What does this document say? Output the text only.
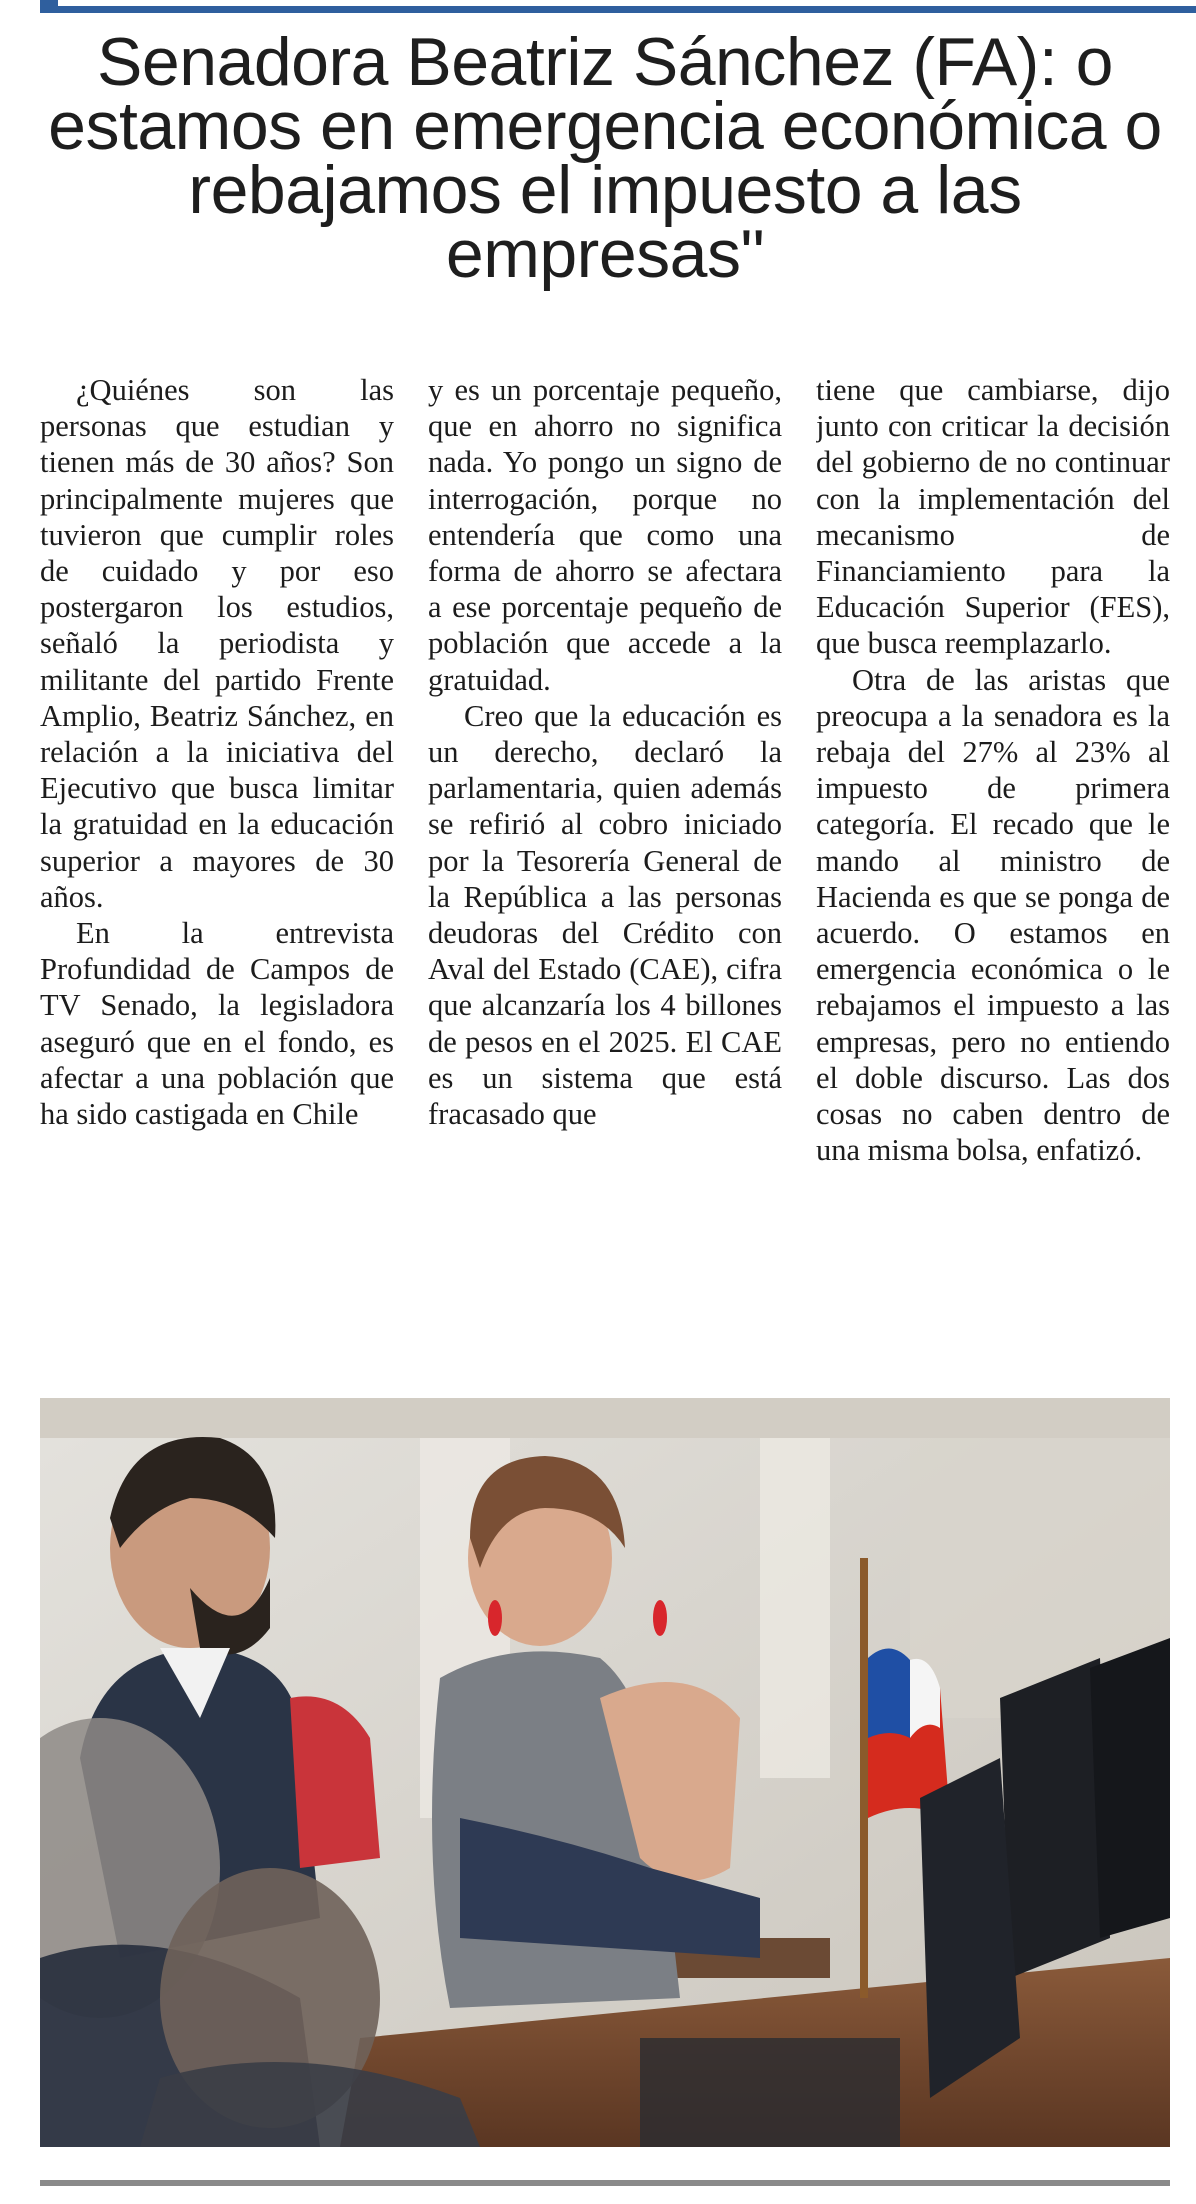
Senadora Beatriz Sánchez (FA): o estamos en emergencia económica o rebajamos el impuesto a las empresas"

¿Quiénes son las personas que estudian y tienen más de 30 años? Son principalmente mujeres que tuvieron que cumplir roles de cuidado y por eso postergaron los estudios, señaló la periodista y militante del partido Frente Amplio, Beatriz Sánchez, en relación a la iniciativa del Ejecutivo que busca limitar la gratuidad en la educación superior a mayores de 30 años.

En la entrevista Profundidad de Campos de TV Senado, la legisladora aseguró que en el fondo, es afectar a una población que ha sido castigada en Chile

y es un porcentaje pequeño, que en ahorro no significa nada. Yo pongo un signo de interrogación, porque no entendería que como una forma de ahorro se afectara a ese porcentaje pequeño de población que accede a la gratuidad.

Creo que la educación es un derecho, declaró la parlamentaria, quien además se refirió al cobro iniciado por la Tesorería General de la República a las personas deudoras del Crédito con Aval del Estado (CAE), cifra que alcanzaría los 4 billones de pesos en el 2025. El CAE es un sistema que está fracasado que

tiene que cambiarse, dijo junto con criticar la decisión del gobierno de no continuar con la implementación del mecanismo de Financiamiento para la Educación Superior (FES), que busca reemplazarlo.

Otra de las aristas que preocupa a la senadora es la rebaja del 27% al 23% al impuesto de primera categoría. El recado que le mando al ministro de Hacienda es que se ponga de acuerdo. O estamos en emergencia económica o le rebajamos el impuesto a las empresas, pero no entiendo el doble discurso. Las dos cosas no caben dentro de una misma bolsa, enfatizó.
